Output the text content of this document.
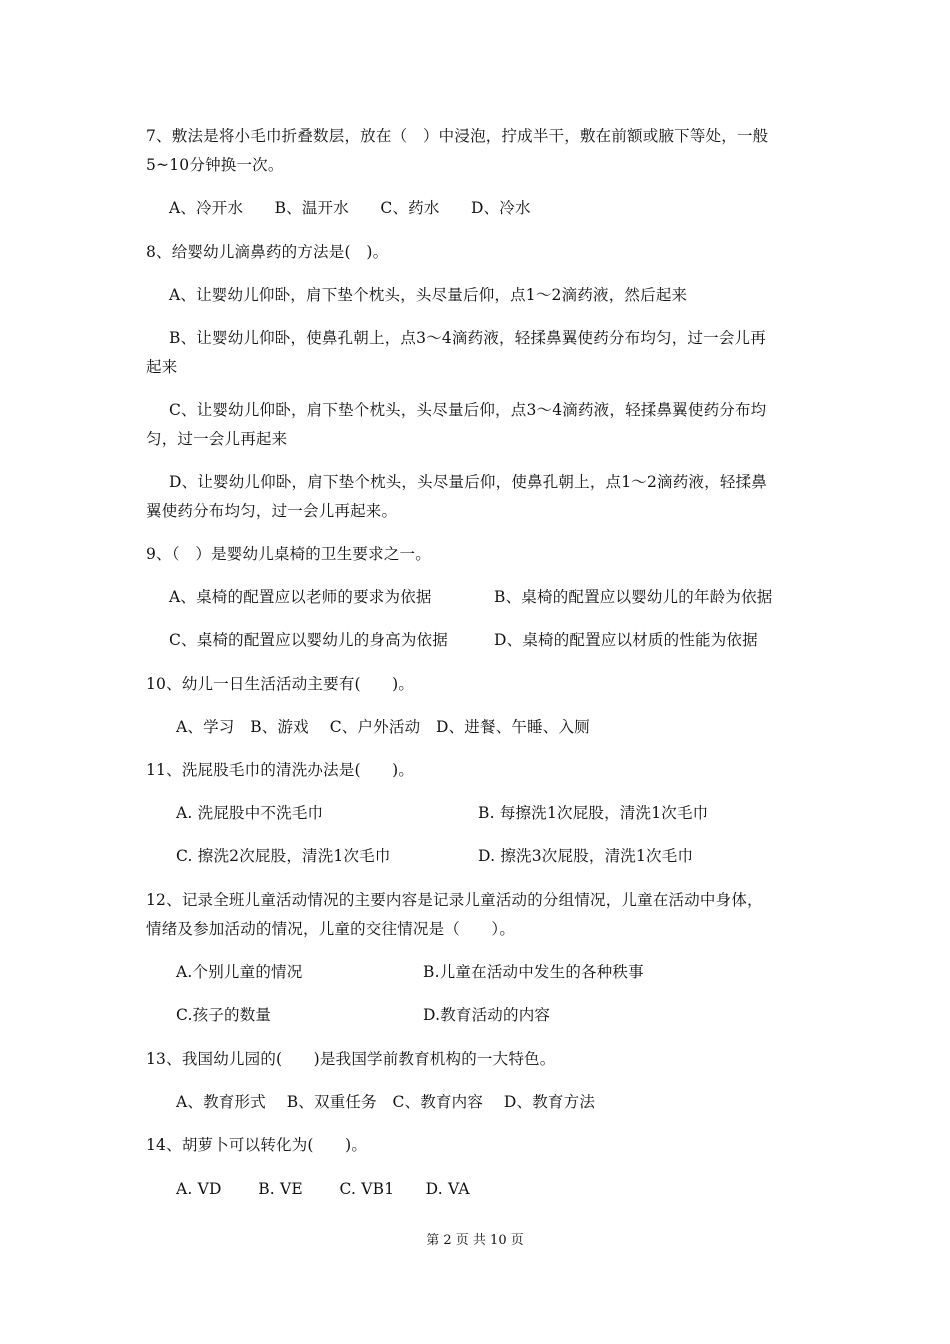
7、敷法是将小毛巾折叠数层，放在（　）中浸泡，拧成半干，敷在前额或腋下等处，一般
5~10分钟换一次。
A、冷开水　　B、温开水　　C、药水　　D、冷水
8、给婴幼儿滴鼻药的方法是(　)。
A、让婴幼儿仰卧，肩下垫个枕头，头尽量后仰，点1～2滴药液，然后起来
B、让婴幼儿仰卧，使鼻孔朝上，点3～4滴药液，轻揉鼻翼使药分布均匀，过一会儿再
起来
C、让婴幼儿仰卧，肩下垫个枕头，头尽量后仰，点3～4滴药液，轻揉鼻翼使药分布均
匀，过一会儿再起来
D、让婴幼儿仰卧，肩下垫个枕头，头尽量后仰，使鼻孔朝上，点1～2滴药液，轻揉鼻
翼使药分布均匀，过一会儿再起来。
9、（　）是婴幼儿桌椅的卫生要求之一。
A、桌椅的配置应以老师的要求为依据	B、桌椅的配置应以婴幼儿的年龄为依据
C、桌椅的配置应以婴幼儿的身高为依据	D、桌椅的配置应以材质的性能为依据
10、幼儿一日生活活动主要有(　　)。
A、学习　B、游戏　 C、户外活动　D、进餐、午睡、入厕
11、洗屁股毛巾的清洗办法是(　　)。
A. 洗屁股中不洗毛巾	B. 每擦洗1次屁股，清洗1次毛巾
C. 擦洗2次屁股，清洗1次毛巾	D. 擦洗3次屁股，清洗1次毛巾
12、记录全班儿童活动情况的主要内容是记录儿童活动的分组情况，儿童在活动中身体，
情绪及参加活动的情况，儿童的交往情况是（　　）。
A.个别儿童的情况	B.儿童在活动中发生的各种秩事
C.孩子的数量	D.教育活动的内容
13、我国幼儿园的(　　)是我国学前教育机构的一大特色。
A、教育形式　 B、双重任务　C、教育内容　 D、教育方法
14、胡萝卜可以转化为(　　)。
A. VD　　 B. VE　　 C. VB1　　D. VA
第 2 页 共 10 页
